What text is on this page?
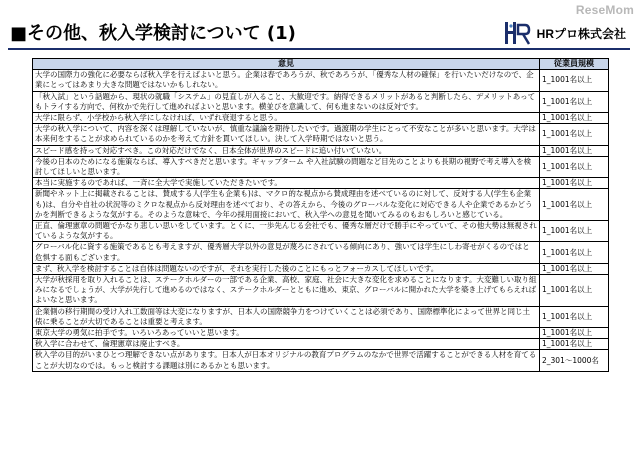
ReseMom
■その他、秋入学検討について (1)	HRプロ株式会社
意見	従業員規模
大学の国際力の強化に必要ならば秋入学を行えばよいと思う。企業は春であろうが、秋であろうが、「優秀な人材の確保」を行いたいだけなので、企業にとってはあまり大きな問題ではないかもしれない。	1_1001名以上
「秋入試」という話題から、現状の就職「システム」の見直しが入ること、大歓迎です。納得できるメリットがあると判断したら、デメリットあってもトライする方向で、何枚かで先行して進めればよいと思います。横並びを意識して、何も進まないのは反対です。	1_1001名以上
大学に限らず、小学校から秋入学にしなければ、いずれ衰退すると思う。	1_1001名以上
大学の秋入学について、内容を深くは理解していないが、慎重な議論を期待したいです。過渡期の学生にとって不安なことが多いと思います。大学は本来何をすることが求められているのかを考えて方針を貫いてほしい。決して入学時期ではないと思う。	1_1001名以上
スピード感を持って対応すべき。この対応だけでなく、日本全体が世界のスピードに追い付いていない。	1_1001名以上
今後の日本のためになる施策ならば、導入すべきだと思います。ギャップターム や入社試験の問題など目先のことよりも長期の視野で考え導入を検討してほしいと思います。	1_1001名以上
本当に実施するのであれば、一斉に全大学で実施していただきたいです。	1_1001名以上
新聞やネット上に掲載されることは、賛成する人(学生も企業も)は、マクロ的な視点から賛成理由を述べているのに対して、反対する人(学生も企業も)は、自分や自社の状況等のミクロな視点から反対理由を述べており、その答えから、今後のグローバルな変化に対応できる人や企業であるかどうかを判断できるような気がする。そのような意味で、今年の採用面接において、秋入学への意見を聞いてみるのもおもしろいと感じている。	1_1001名以上
正直、倫理憲章の問題でかなり悲しい思いをしています。とくに、一歩先んじる会社でも、優秀な層だけで勝手にやっていて、その他大勢は無視されているような気がする。	1_1001名以上
グローバル化に資する施策であるとも考えますが、優秀層大学以外の意見が蔑ろにされている傾向にあり、強いては学生にしわ寄せがくるのではと危惧する面もございます。	1_1001名以上
まず、秋入学を検討することは自体は問題ないのですが、それを実行した後のことにもっとフォーカスしてほしいです。	1_1001名以上
大学が秋採用を取り入れることは、ステークホルダーの一部である企業、高校、家庭、社会に大きな変化を求めることになります。大変難しい取り組みになるでしょうが、大学が先行して進めるのではなく、ステークホルダーとともに進め、東京、グローバルに開かれた大学を築き上げてもらえればよいなと思います。	1_1001名以上
企業側の移行期間の受け入れ工数面等は大変になりますが、日本人の国際競争力をつけていくことは必須であり、国際標準化によって世界と同じ土俵に乗ることが大切であることは重要と考えます。	1_1001名以上
東京大学の勇気に拍手です。いろいろあっていいと思います。	1_1001名以上
秋入学に合わせて、倫理憲章は廃止すべき。	1_1001名以上
秋入学の目的がいまひとつ理解できない点があります。日本人が日本オリジナルの教育プログラムのなかで世界で活躍することができる人材を育てることが大切なのでは。もっと検討する課題は別にあるかとも思います。	2_301～1000名
